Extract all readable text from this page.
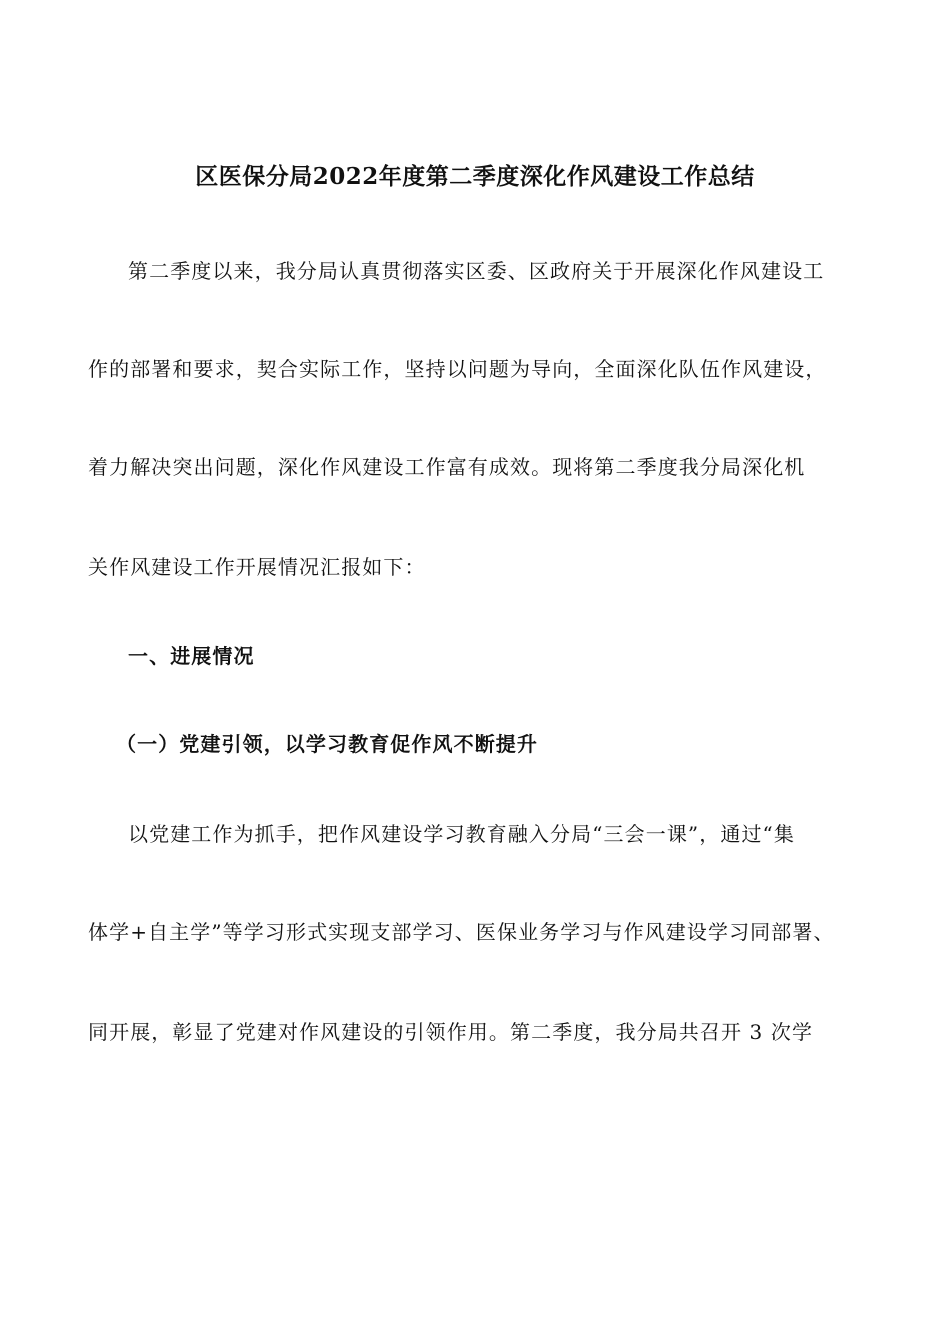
区医保分局2022年度第二季度深化作风建设工作总结
第二季度以来，我分局认真贯彻落实区委、区政府关于开展深化作风建设工
作的部署和要求，契合实际工作，坚持以问题为导向，全面深化队伍作风建设，
着力解决突出问题，深化作风建设工作富有成效。现将第二季度我分局深化机
关作风建设工作开展情况汇报如下：
一、进展情况
（一）党建引领，以学习教育促作风不断提升
以党建工作为抓手，把作风建设学习教育融入分局“三会一课”，通过“集
体学+自主学”等学习形式实现支部学习、医保业务学习与作风建设学习同部署、
同开展，彰显了党建对作风建设的引领作用。第二季度，我分局共召开 3 次学
